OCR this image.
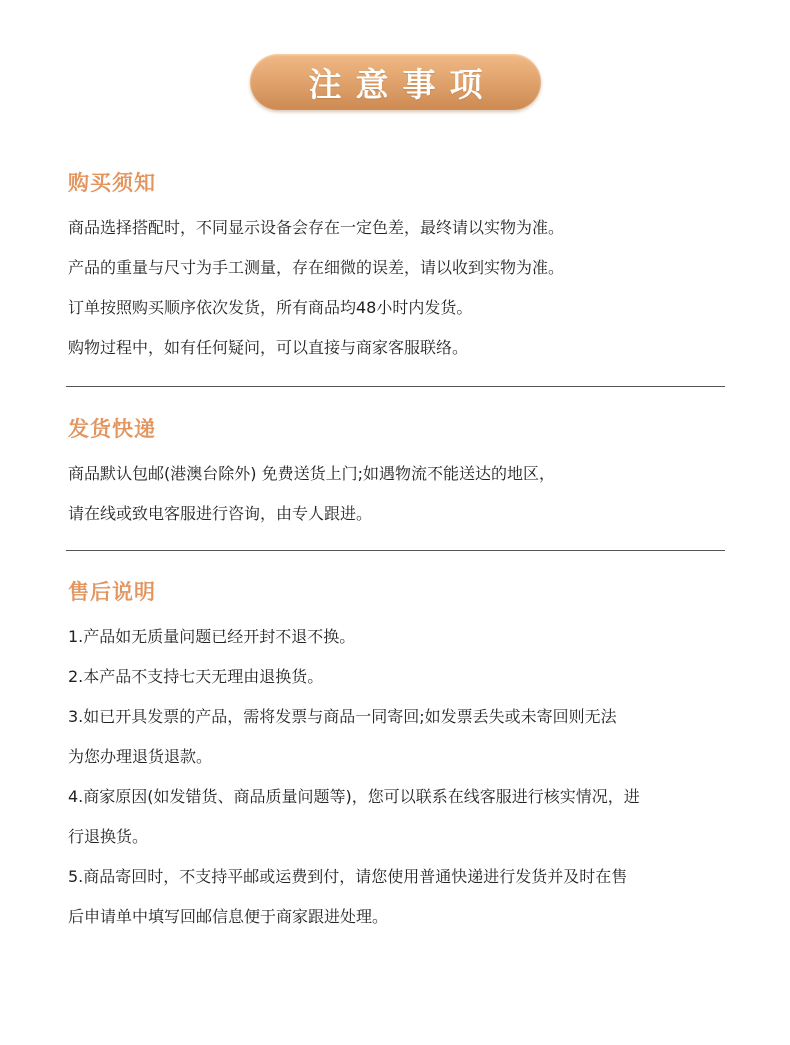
注意事项
购买须知

商品选择搭配时，不同显示设备会存在一定色差，最终请以实物为准。

产品的重量与尺寸为手工测量，存在细微的误差，请以收到实物为准。

订单按照购买顺序依次发货，所有商品均48小时内发货。

购物过程中，如有任何疑问，可以直接与商家客服联络。

发货快递

商品默认包邮(港澳台除外) 免费送货上门;如遇物流不能送达的地区，

请在线或致电客服进行咨询，由专人跟进。

售后说明

1.产品如无质量问题已经开封不退不换。

2.本产品不支持七天无理由退换货。

3.如已开具发票的产品，需将发票与商品一同寄回;如发票丢失或未寄回则无法

为您办理退货退款。

4.商家原因(如发错货、商品质量问题等)，您可以联系在线客服进行核实情况，进

行退换货。

5.商品寄回时，不支持平邮或运费到付，请您使用普通快递进行发货并及时在售

后申请单中填写回邮信息便于商家跟进处理。
